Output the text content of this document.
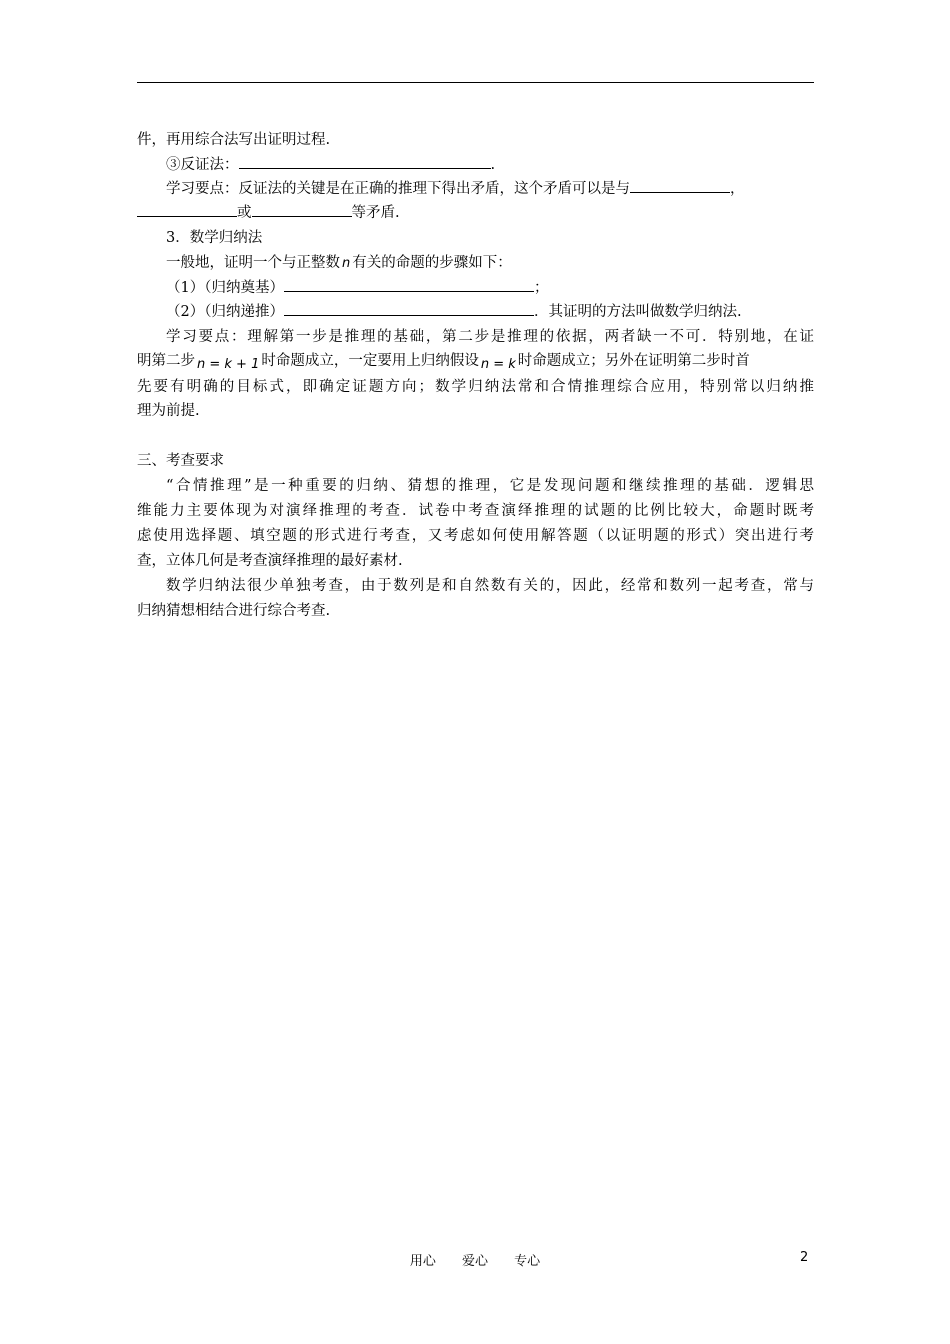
件，再用综合法写出证明过程.
③反证法：	.
学习要点：反证法的关键是在正确的推理下得出矛盾，这个矛盾可以是与	，
或	等矛盾.
3．数学归纳法
一般地，证明一个与正整数 n 有关的命题的步骤如下：
（1）（归纳奠基）	；
（2）（归纳递推）	．其证明的方法叫做数学归纳法.
学习要点：理解第一步是推理的基础，第二步是推理的依据，两者缺一不可．特别地，在证
明第二步 n = k + 1 时命题成立，一定要用上归纳假设 n = k 时命题成立；另外在证明第二步时首
先要有明确的目标式，即确定证题方向；数学归纳法常和合情推理综合应用，特别常以归纳推
理为前提.
三、考查要求
“合情推理”是一种重要的归纳、猜想的推理，它是发现问题和继续推理的基础．逻辑思
维能力主要体现为对演绎推理的考查．试卷中考查演绎推理的试题的比例比较大，命题时既考
虑使用选择题、填空题的形式进行考查，又考虑如何使用解答题（以证明题的形式）突出进行考
查，立体几何是考查演绎推理的最好素材.
数学归纳法很少单独考查，由于数列是和自然数有关的，因此，经常和数列一起考查，常与
归纳猜想相结合进行综合考查.
用心 爱心 专心	2
